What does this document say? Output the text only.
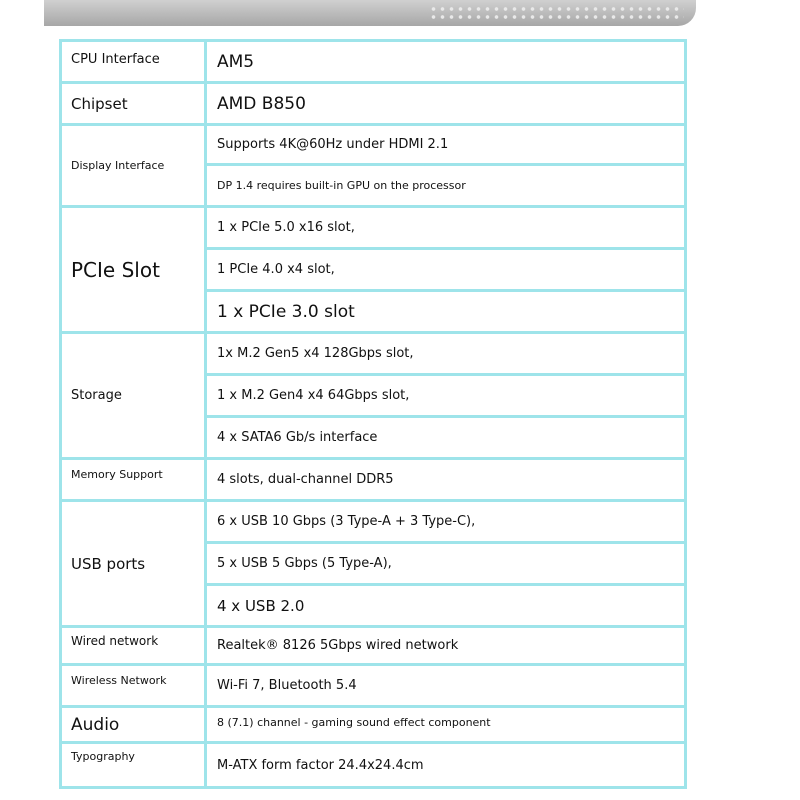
CPU Interface	AM5
Chipset	AMD B850
Display Interface	Supports 4K@60Hz under HDMI 2.1
	DP 1.4 requires built-in GPU on the processor
PCIe Slot	1 x PCIe 5.0 x16 slot,
	1 PCIe 4.0 x4 slot,
	1 x PCIe 3.0 slot
Storage	1x M.2 Gen5 x4 128Gbps slot,
	1 x M.2 Gen4 x4 64Gbps slot,
	4 x SATA6 Gb/s interface
Memory Support	4 slots, dual-channel DDR5
USB ports	6 x USB 10 Gbps (3 Type-A + 3 Type-C),
	5 x USB 5 Gbps (5 Type-A),
	4 x USB 2.0
Wired network	Realtek® 8126 5Gbps wired network
Wireless Network	Wi-Fi 7, Bluetooth 5.4
Audio	8 (7.1) channel - gaming sound effect component
Typography	M-ATX form factor 24.4x24.4cm
